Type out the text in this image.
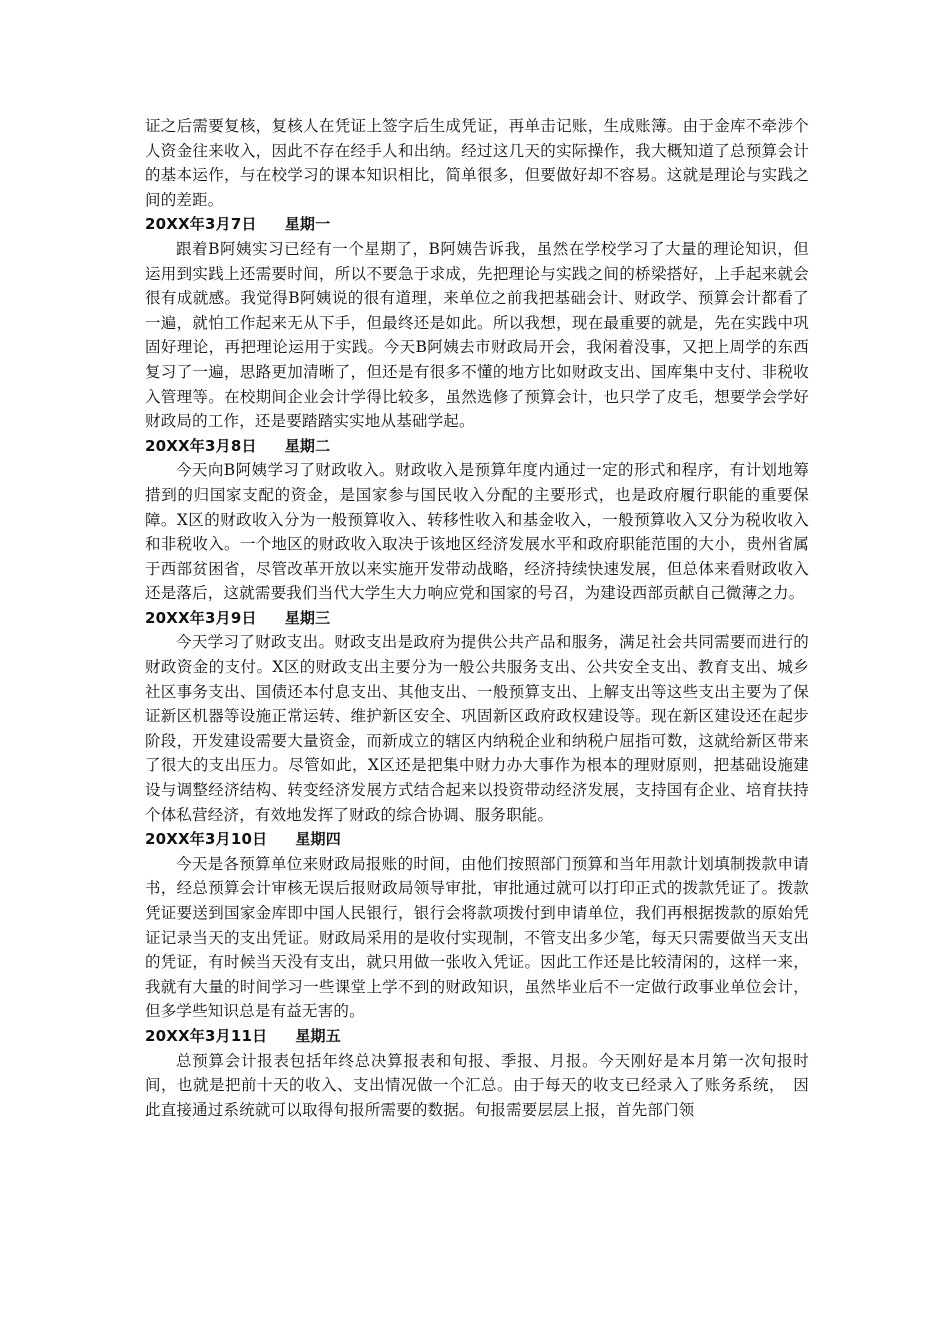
证之后需要复核，复核人在凭证上签字后生成凭证，再单击记账，生成账簿。由于金库不牵涉个人资金往来收入，因此不存在经手人和出纳。经过这几天的实际操作，我大概知道了总预算会计的基本运作，与在校学习的课本知识相比，简单很多，但要做好却不容易。这就是理论与实践之间的差距。

20XX年3月7日 星期一

跟着B阿姨实习已经有一个星期了，B阿姨告诉我，虽然在学校学习了大量的理论知识，但运用到实践上还需要时间，所以不要急于求成，先把理论与实践之间的桥梁搭好，上手起来就会很有成就感。我觉得B阿姨说的很有道理，来单位之前我把基础会计、财政学、预算会计都看了一遍，就怕工作起来无从下手，但最终还是如此。所以我想，现在最重要的就是，先在实践中巩固好理论，再把理论运用于实践。今天B阿姨去市财政局开会，我闲着没事，又把上周学的东西复习了一遍，思路更加清晰了，但还是有很多不懂的地方比如财政支出、国库集中支付、非税收入管理等。在校期间企业会计学得比较多，虽然选修了预算会计，也只学了皮毛，想要学会学好财政局的工作，还是要踏踏实实地从基础学起。

20XX年3月8日 星期二

今天向B阿姨学习了财政收入。财政收入是预算年度内通过一定的形式和程序，有计划地筹措到的归国家支配的资金，是国家参与国民收入分配的主要形式，也是政府履行职能的重要保障。X区的财政收入分为一般预算收入、转移性收入和基金收入，一般预算收入又分为税收收入和非税收入。一个地区的财政收入取决于该地区经济发展水平和政府职能范围的大小，贵州省属于西部贫困省，尽管改革开放以来实施开发带动战略，经济持续快速发展，但总体来看财政收入还是落后，这就需要我们当代大学生大力响应党和国家的号召，为建设西部贡献自己微薄之力。

20XX年3月9日 星期三

今天学习了财政支出。财政支出是政府为提供公共产品和服务，满足社会共同需要而进行的财政资金的支付。X区的财政支出主要分为一般公共服务支出、公共安全支出、教育支出、城乡社区事务支出、国债还本付息支出、其他支出、一般预算支出、上解支出等这些支出主要为了保证新区机器等设施正常运转、维护新区安全、巩固新区政府政权建设等。现在新区建设还在起步阶段，开发建设需要大量资金，而新成立的辖区内纳税企业和纳税户屈指可数，这就给新区带来了很大的支出压力。尽管如此，X区还是把集中财力办大事作为根本的理财原则，把基础设施建设与调整经济结构、转变经济发展方式结合起来以投资带动经济发展，支持国有企业、培育扶持个体私营经济，有效地发挥了财政的综合协调、服务职能。

20XX年3月10日 星期四

今天是各预算单位来财政局报账的时间，由他们按照部门预算和当年用款计划填制拨款申请书，经总预算会计审核无误后报财政局领导审批，审批通过就可以打印正式的拨款凭证了。拨款凭证要送到国家金库即中国人民银行，银行会将款项拨付到申请单位，我们再根据拨款的原始凭证记录当天的支出凭证。财政局采用的是收付实现制，不管支出多少笔，每天只需要做当天支出的凭证，有时候当天没有支出，就只用做一张收入凭证。因此工作还是比较清闲的，这样一来，我就有大量的时间学习一些课堂上学不到的财政知识，虽然毕业后不一定做行政事业单位会计，但多学些知识总是有益无害的。

20XX年3月11日 星期五

总预算会计报表包括年终总决算报表和旬报、季报、月报。今天刚好是本月第一次旬报时间，也就是把前十天的收入、支出情况做一个汇总。由于每天的收支已经录入了账务系统，　因此直接通过系统就可以取得旬报所需要的数据。旬报需要层层上报，首先部门领
